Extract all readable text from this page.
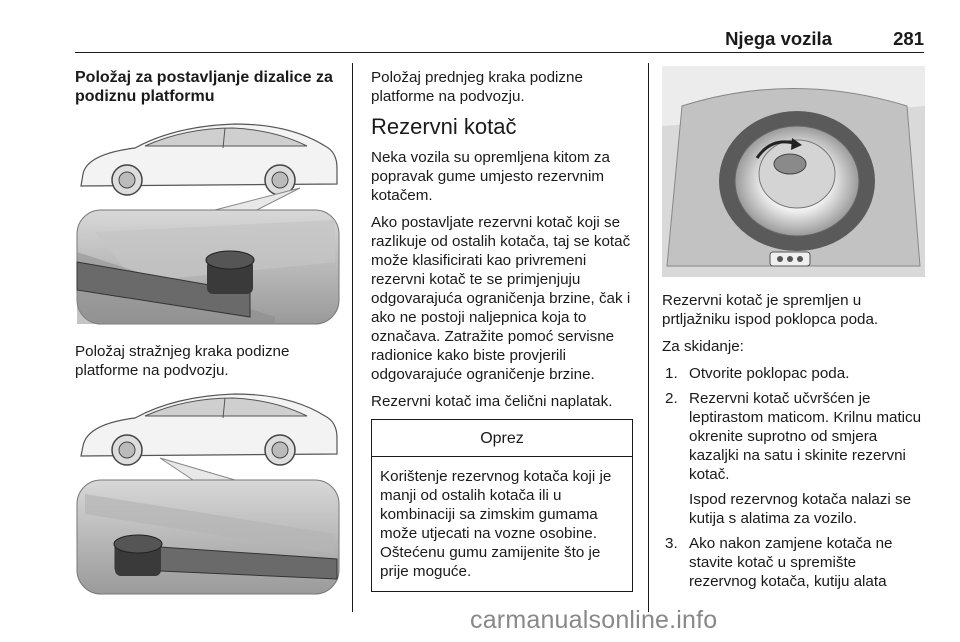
Njega vozila	281

Položaj za postavljanje dizalice za podiznu platformu

Položaj stražnjeg kraka podizne platforme na podvozju.

Položaj prednjeg kraka podizne platforme na podvozju.

Rezervni kotač

Neka vozila su opremljena kitom za popravak gume umjesto rezervnim kotačem.

Ako postavljate rezervni kotač koji se razlikuje od ostalih kotača, taj se kotač može klasificirati kao privremeni rezervni kotač te se primjenjuju odgovarajuća ograničenja brzine, čak i ako ne postoji naljepnica koja to označava. Zatražite pomoć servisne radionice kako biste provjerili odgovarajuće ograničenje brzine.

Rezervni kotač ima čelični naplatak.

Oprez
Korištenje rezervnog kotača koji je manji od ostalih kotača ili u kombinaciji sa zimskim gumama može utjecati na vozne osobine. Oštećenu gumu zamijenite što je prije moguće.

Rezervni kotač je spremljen u prtljažniku ispod poklopca poda.

Za skidanje:

1. Otvorite poklopac poda.
2. Rezervni kotač učvršćen je leptirastom maticom. Krilnu maticu okrenite suprotno od smjera kazaljki na satu i skinite rezervni kotač.
Ispod rezervnog kotača nalazi se kutija s alatima za vozilo.
3. Ako nakon zamjene kotača ne stavite kotač u spremište rezervnog kotača, kutiju alata
carmanualsonline.info
